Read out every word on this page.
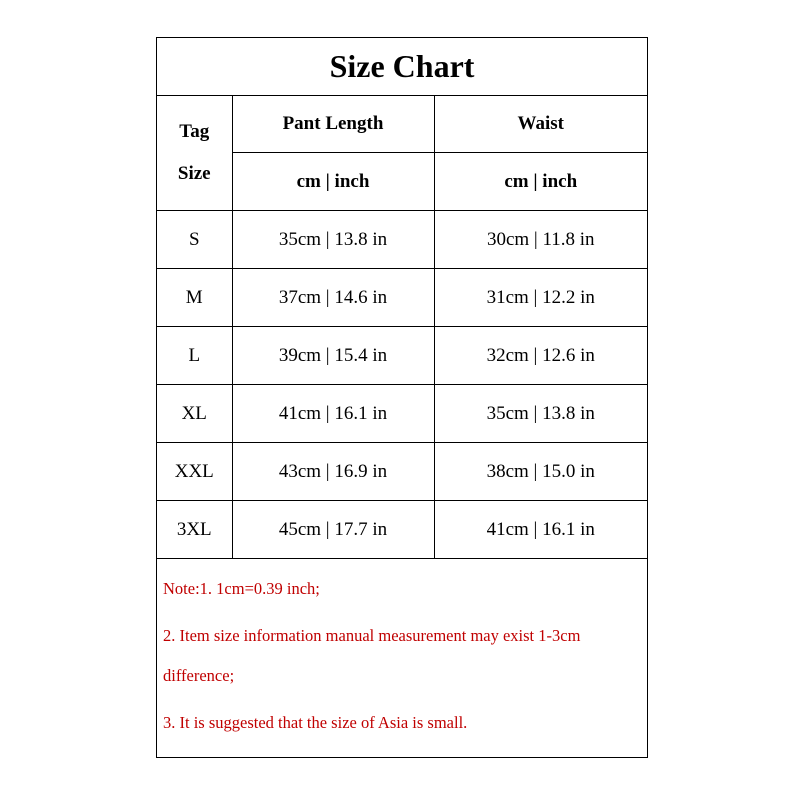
Size Chart
Tag
Size	Pant Length	Waist
	cm | inch	cm | inch
S	35cm | 13.8 in	30cm | 11.8 in
M	37cm | 14.6 in	31cm | 12.2 in
L	39cm | 15.4 in	32cm | 12.6 in
XL	41cm | 16.1 in	35cm | 13.8 in
XXL	43cm | 16.9 in	38cm | 15.0 in
3XL	45cm | 17.7 in	41cm | 16.1 in
Note:1. 1cm=0.39 inch;
2. Item size information manual measurement may exist 1-3cm
difference;
3. It is suggested that the size of Asia is small.
